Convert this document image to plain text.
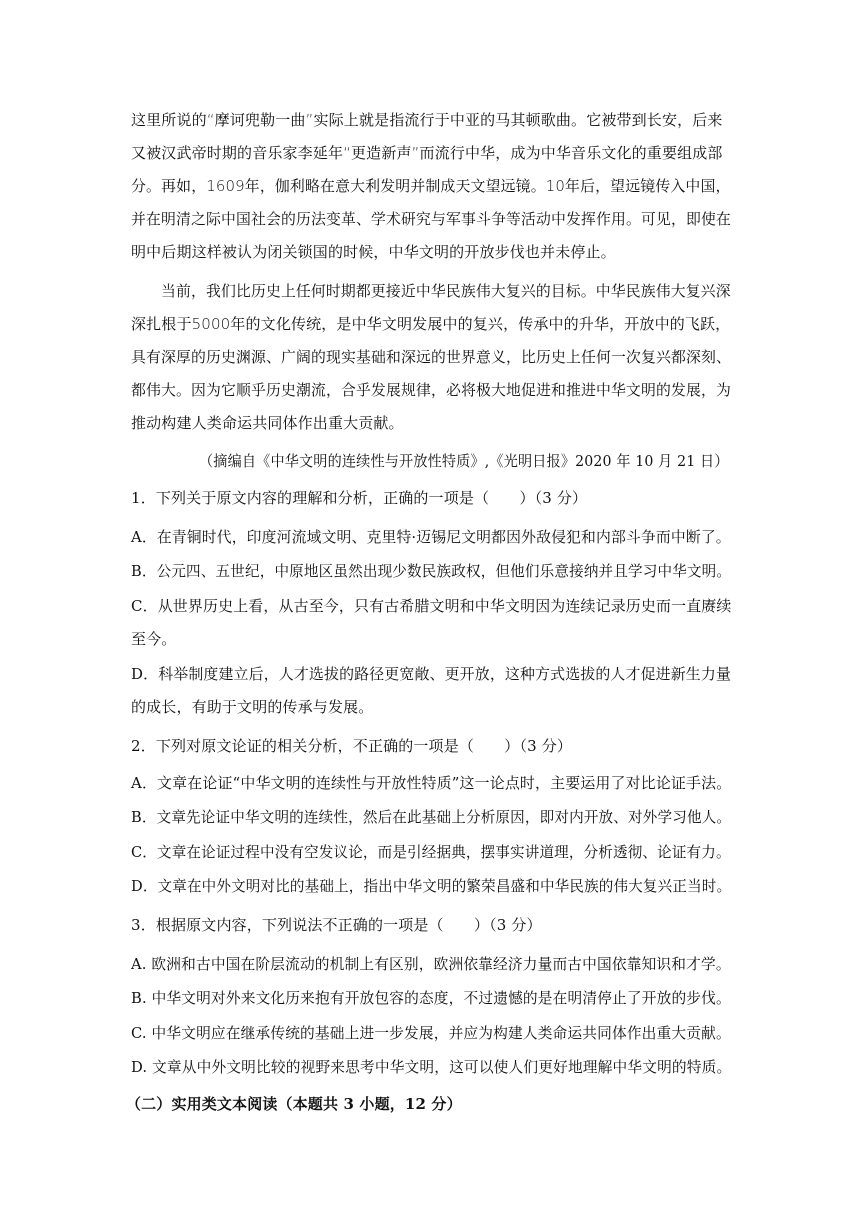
这里所说的“摩诃兜勒一曲”实际上就是指流行于中亚的马其顿歌曲。它被带到长安，后来
又被汉武帝时期的音乐家李延年“更造新声”而流行中华，成为中华音乐文化的重要组成部
分。再如，1609年，伽利略在意大利发明并制成天文望远镜。10年后，望远镜传入中国，
并在明清之际中国社会的历法变革、学术研究与军事斗争等活动中发挥作用。可见，即使在
明中后期这样被认为闭关锁国的时候，中华文明的开放步伐也并未停止。
当前，我们比历史上任何时期都更接近中华民族伟大复兴的目标。中华民族伟大复兴深
深扎根于5000年的文化传统，是中华文明发展中的复兴，传承中的升华，开放中的飞跃，
具有深厚的历史渊源、广阔的现实基础和深远的世界意义，比历史上任何一次复兴都深刻、
都伟大。因为它顺乎历史潮流，合乎发展规律，必将极大地促进和推进中华文明的发展，为
推动构建人类命运共同体作出重大贡献。
（摘编自《中华文明的连续性与开放性特质》,《光明日报》2020 年 10 月 21 日）
1．下列关于原文内容的理解和分析，正确的一项是（　　）（3 分）
A．在青铜时代，印度河流域文明、克里特·迈锡尼文明都因外敌侵犯和内部斗争而中断了。
B．公元四、五世纪，中原地区虽然出现少数民族政权，但他们乐意接纳并且学习中华文明。
C．从世界历史上看，从古至今，只有古希腊文明和中华文明因为连续记录历史而一直赓续
至今。
D．科举制度建立后，人才选拔的路径更宽敞、更开放，这种方式选拔的人才促进新生力量
的成长，有助于文明的传承与发展。
2．下列对原文论证的相关分析，不正确的一项是（　　）（3 分）
A．文章在论证“中华文明的连续性与开放性特质”这一论点时，主要运用了对比论证手法。
B．文章先论证中华文明的连续性，然后在此基础上分析原因，即对内开放、对外学习他人。
C．文章在论证过程中没有空发议论，而是引经据典，摆事实讲道理，分析透彻、论证有力。
D．文章在中外文明对比的基础上，指出中华文明的繁荣昌盛和中华民族的伟大复兴正当时。
3．根据原文内容，下列说法不正确的一项是（　　）（3 分）
A. 欧洲和古中国在阶层流动的机制上有区别，欧洲依靠经济力量而古中国依靠知识和才学。
B. 中华文明对外来文化历来抱有开放包容的态度，不过遗憾的是在明清停止了开放的步伐。
C. 中华文明应在继承传统的基础上进一步发展，并应为构建人类命运共同体作出重大贡献。
D. 文章从中外文明比较的视野来思考中华文明，这可以使人们更好地理解中华文明的特质。
（二）实用类文本阅读（本题共 3 小题，12 分）
